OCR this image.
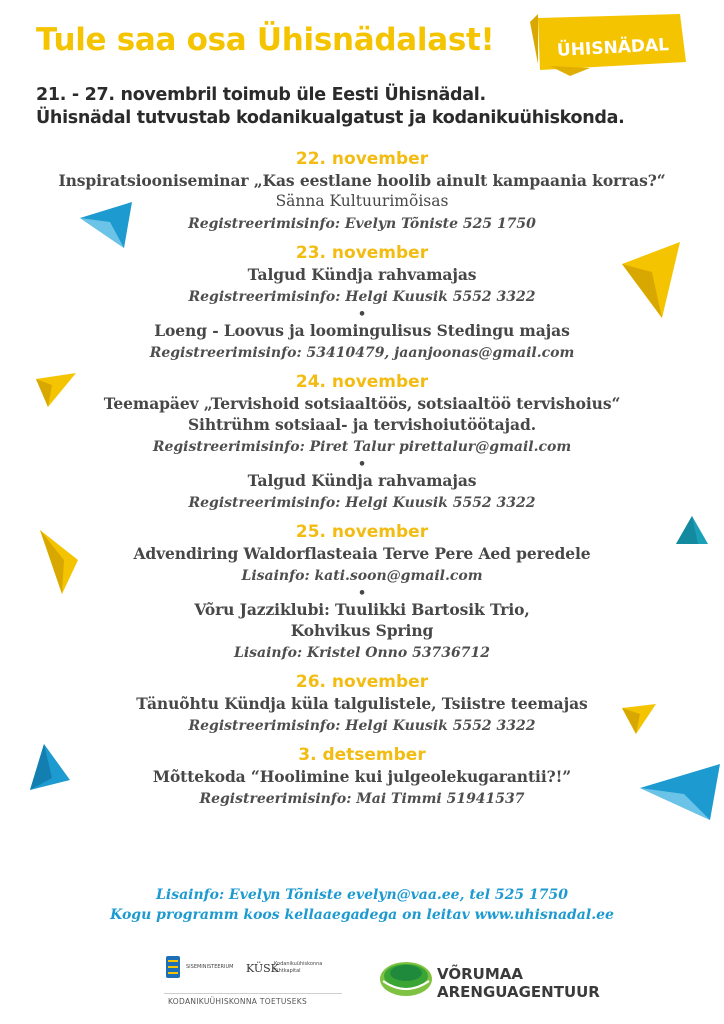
Tule saa osa Ühisnädalast!	ÜHISNÄDAL
21. - 27. novembril toimub üle Eesti Ühisnädal.
Ühisnädal tutvustab kodanikualgatust ja kodanikuühiskonda.
22. november
Inspiratsiooniseminar „Kas eestlane hoolib ainult kampaania korras?“
Sänna Kultuurimõisas
Registreerimisinfo: Evelyn Tõniste 525 1750
23. november
Talgud Kündja rahvamajas
Registreerimisinfo: Helgi Kuusik 5552 3322
•
Loeng - Loovus ja loomingulisus Stedingu majas
Registreerimisinfo: 53410479, jaanjoonas@gmail.com
24. november
Teemapäev „Tervishoid sotsiaaltöös, sotsiaaltöö tervishoius“
Sihtrühm sotsiaal- ja tervishoiutöötajad.
Registreerimisinfo: Piret Talur pirettalur@gmail.com
•
Talgud Kündja rahvamajas
Registreerimisinfo: Helgi Kuusik 5552 3322
25. november
Advendiring Waldorflasteaia Terve Pere Aed peredele
Lisainfo: kati.soon@gmail.com
•
Võru Jazziklubi: Tuulikki Bartosik Trio,
Kohvikus Spring
Lisainfo: Kristel Onno 53736712
26. november
Tänuõhtu Kündja küla talgulistele, Tsiistre teemajas
Registreerimisinfo: Helgi Kuusik 5552 3322
3. detsember
Mõttekoda “Hoolimine kui julgeolekugarantii?!”
Registreerimisinfo: Mai Timmi 51941537
Lisainfo: Evelyn Tõniste evelyn@vaa.ee, tel 525 1750
Kogu programm koos kellaaegadega on leitav www.uhisnadal.ee
SISEMINISTEERIUM KÜSK
Kodanikuühiskonna
Sihtkapital
KODANIKUÜHISKONNA TOETUSEKS
VÕRUMAA
ARENGUAGENTUUR
